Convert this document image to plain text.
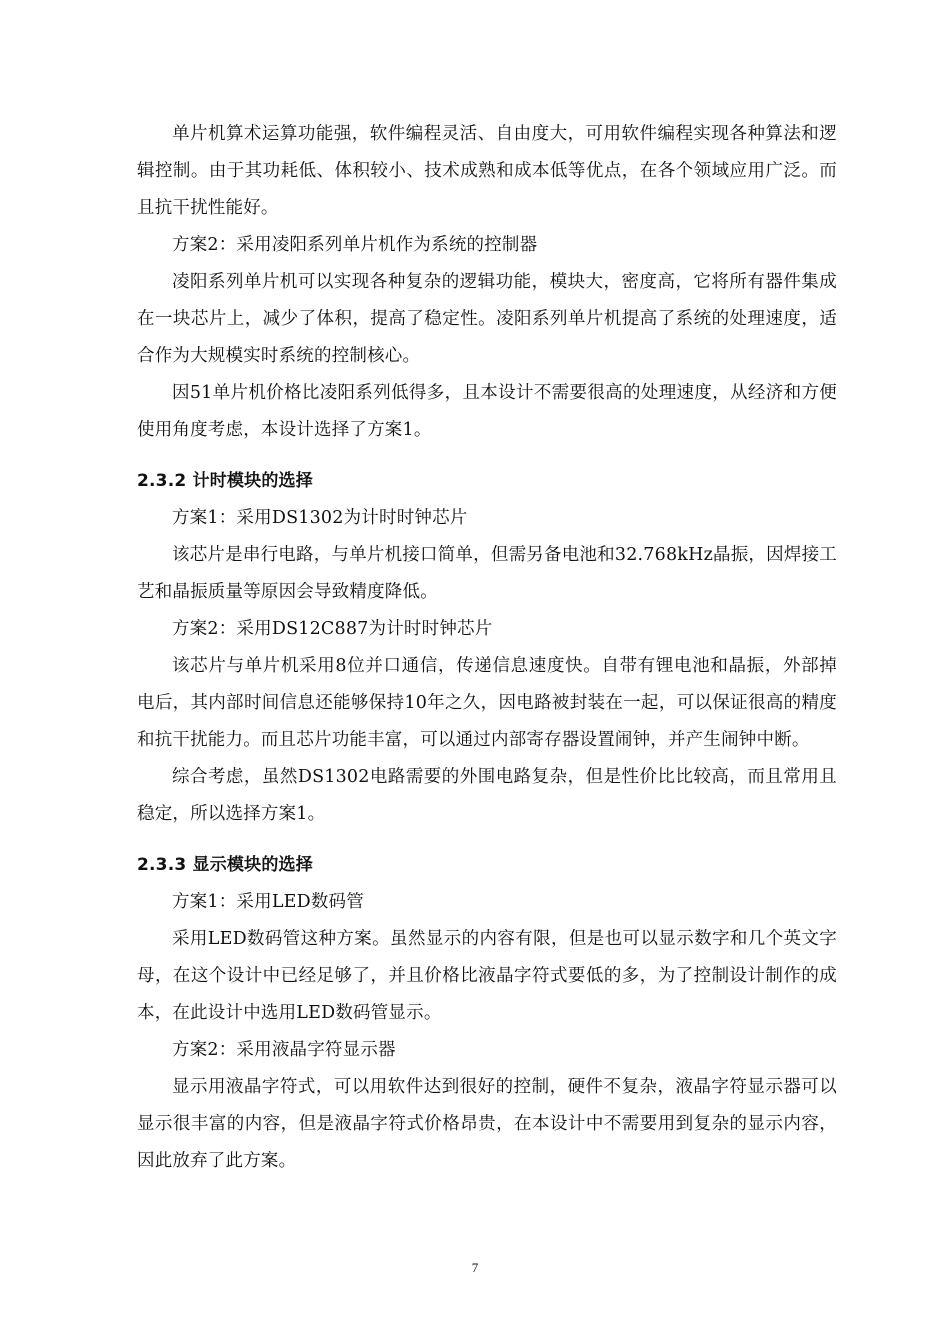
单片机算术运算功能强，软件编程灵活、自由度大，可用软件编程实现各种算法和逻辑控制。由于其功耗低、体积较小、技术成熟和成本低等优点，在各个领域应用广泛。而且抗干扰性能好。

方案2：采用凌阳系列单片机作为系统的控制器

凌阳系列单片机可以实现各种复杂的逻辑功能，模块大，密度高，它将所有器件集成在一块芯片上，减少了体积，提高了稳定性。凌阳系列单片机提高了系统的处理速度，适合作为大规模实时系统的控制核心。

因51单片机价格比凌阳系列低得多，且本设计不需要很高的处理速度，从经济和方便使用角度考虑，本设计选择了方案1。

2.3.2 计时模块的选择

方案1：采用DS1302为计时时钟芯片

该芯片是串行电路，与单片机接口简单，但需另备电池和32.768kHz晶振，因焊接工艺和晶振质量等原因会导致精度降低。

方案2：采用DS12C887为计时时钟芯片

该芯片与单片机采用8位并口通信，传递信息速度快。自带有锂电池和晶振，外部掉电后，其内部时间信息还能够保持10年之久，因电路被封装在一起，可以保证很高的精度和抗干扰能力。而且芯片功能丰富，可以通过内部寄存器设置闹钟，并产生闹钟中断。

综合考虑，虽然DS1302电路需要的外围电路复杂，但是性价比比较高，而且常用且稳定，所以选择方案1。

2.3.3 显示模块的选择

方案1：采用LED数码管

采用LED数码管这种方案。虽然显示的内容有限，但是也可以显示数字和几个英文字母，在这个设计中已经足够了，并且价格比液晶字符式要低的多，为了控制设计制作的成本，在此设计中选用LED数码管显示。

方案2：采用液晶字符显示器

显示用液晶字符式，可以用软件达到很好的控制，硬件不复杂，液晶字符显示器可以显示很丰富的内容，但是液晶字符式价格昂贵，在本设计中不需要用到复杂的显示内容，因此放弃了此方案。

7
